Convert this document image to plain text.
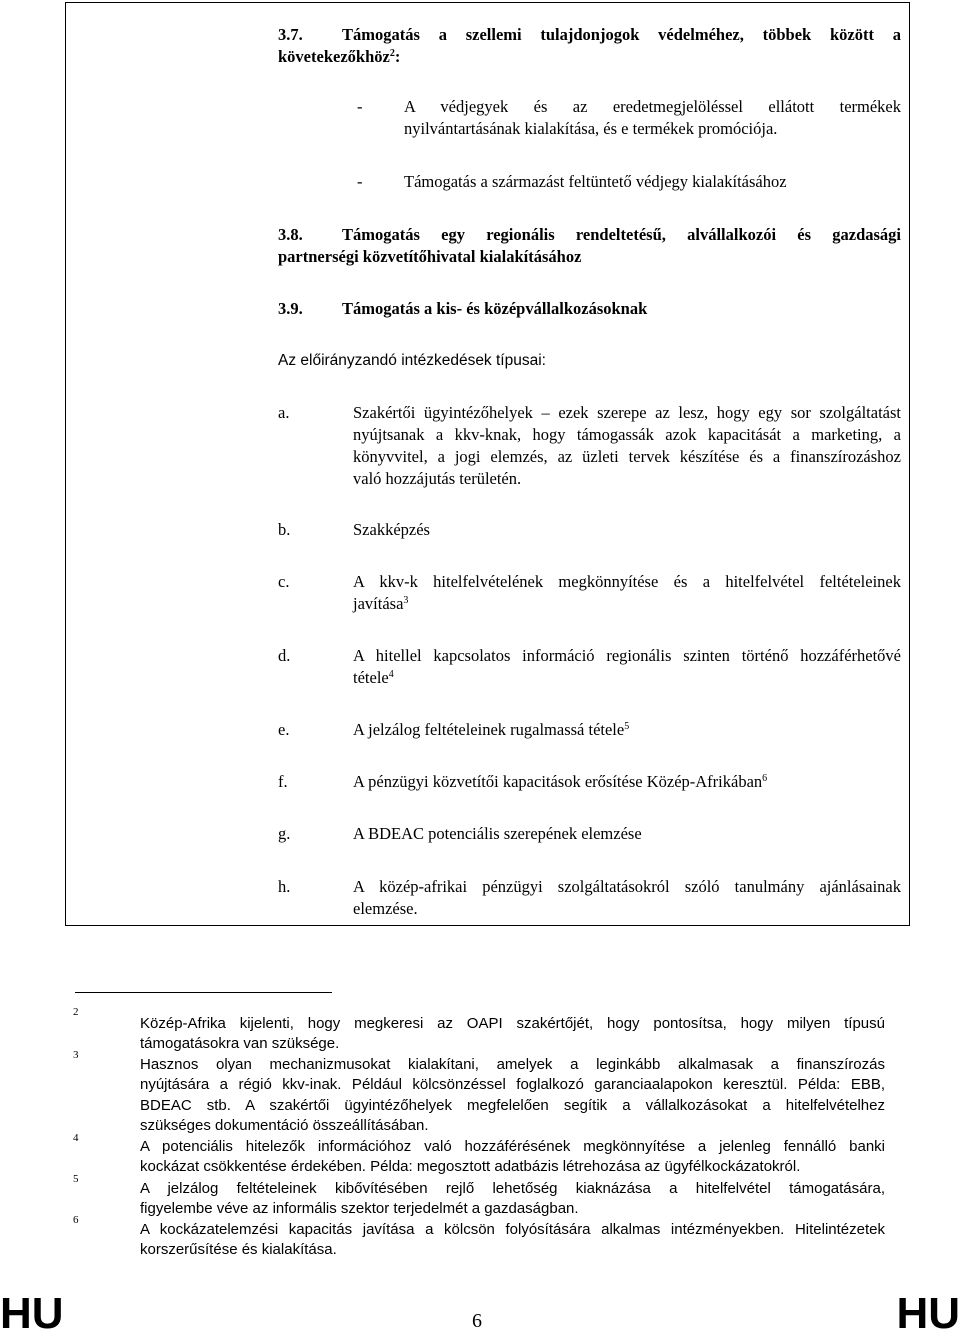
3.7. Támogatás a szellemi tulajdonjogok védelméhez, többek között a
követekezőkhöz$^2$:
-	A védjegyek és az eredetmegjelöléssel ellátott termékek
nyilvántartásának kialakítása, és e termékek promóciója.
-	Támogatás a származást feltüntető védjegy kialakításához
3.8. Támogatás egy regionális rendeltetésű, alvállalkozói és gazdasági
partnerségi közvetítőhivatal kialakításához
3.9. Támogatás a kis- és középvállalkozásoknak
Az előirányzandó intézkedések típusai:
a.	Szakértői ügyintézőhelyek – ezek szerepe az lesz, hogy egy sor szolgáltatást
nyújtsanak a kkv-knak, hogy támogassák azok kapacitását a marketing, a
könyvvitel, a jogi elemzés, az üzleti tervek készítése és a finanszírozáshoz
való hozzájutás területén.
b.	Szakképzés
c.	A kkv-k hitelfelvételének megkönnyítése és a hitelfelvétel feltételeinek
javítása$^3$
d.	A hitellel kapcsolatos információ regionális szinten történő hozzáférhetővé
tétele$^4$
e.	A jelzálog feltételeinek rugalmassá tétele$^5$
f.	A pénzügyi közvetítői kapacitások erősítése Közép-Afrikában$^6$
g.	A BDEAC potenciális szerepének elemzése
h.	A közép-afrikai pénzügyi szolgáltatásokról szóló tanulmány ajánlásainak
elemzése.
2
Közép-Afrika kijelenti, hogy megkeresi az OAPI szakértőjét, hogy pontosítsa, hogy milyen típusú
támogatásokra van szüksége.
3
Hasznos olyan mechanizmusokat kialakítani, amelyek a leginkább alkalmasak a finanszírozás
nyújtására a régió kkv-inak. Például kölcsönzéssel foglalkozó garanciaalapokon keresztül. Példa: EBB,
BDEAC stb. A szakértői ügyintézőhelyek megfelelően segítik a vállalkozásokat a hitelfelvételhez
szükséges dokumentáció összeállításában.
4	A potenciális hitelezők információhoz való hozzáférésének megkönnyítése a jelenleg fennálló banki
kockázat csökkentése érdekében. Példa: megosztott adatbázis létrehozása az ügyfélkockázatokról.
5
A jelzálog feltételeinek kibővítésében rejlő lehetőség kiaknázása a hitelfelvétel támogatására,
figyelembe véve az informális szektor terjedelmét a gazdaságban.
6
A kockázatelemzési kapacitás javítása a kölcsön folyósítására alkalmas intézményekben. Hitelintézetek
korszerűsítése és kialakítása.
HU	6	HU
